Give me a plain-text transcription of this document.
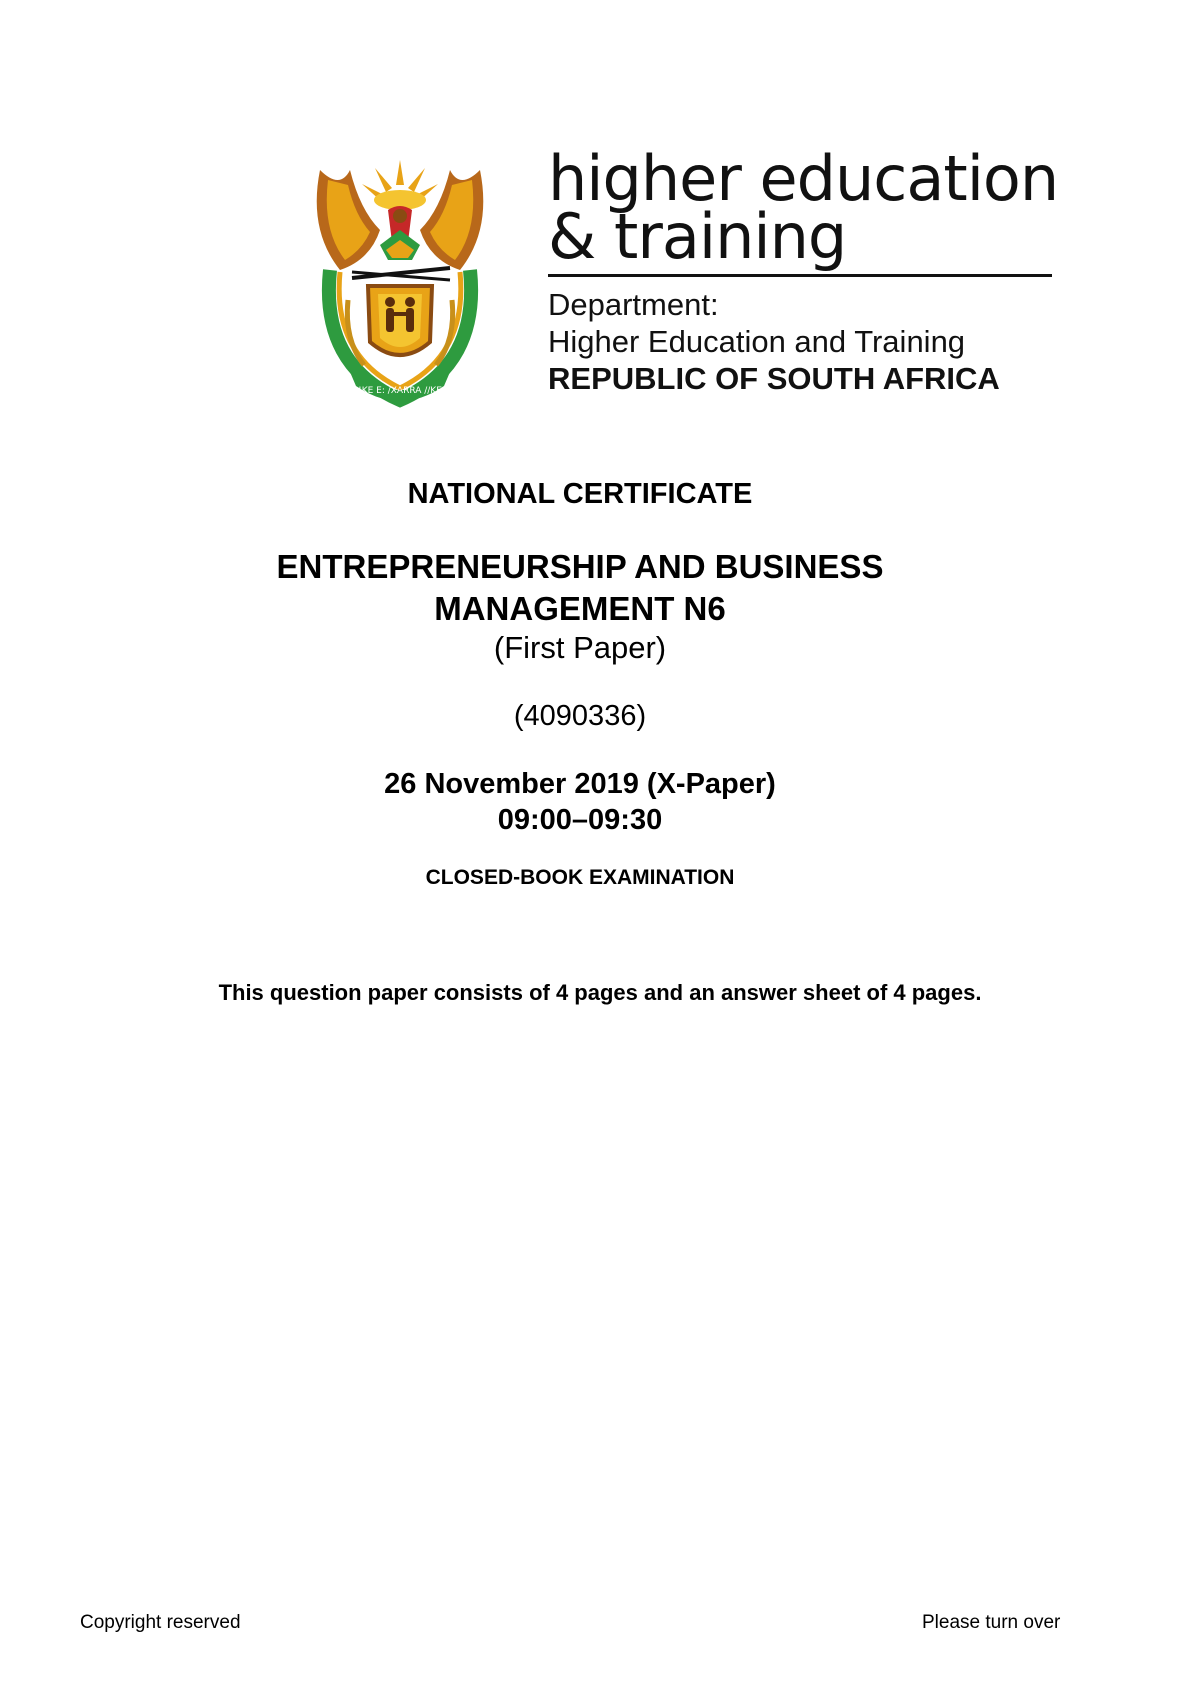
!KE E: /XARRA //KE
higher education
& training
Department:
Higher Education and Training
REPUBLIC OF SOUTH AFRICA
NATIONAL CERTIFICATE
ENTREPRENEURSHIP AND BUSINESS
MANAGEMENT N6
(First Paper)
(4090336)
26 November 2019 (X-Paper)
09:00–09:30
CLOSED-BOOK EXAMINATION
This question paper consists of 4 pages and an answer sheet of 4 pages.
Copyright reserved	Please turn over
